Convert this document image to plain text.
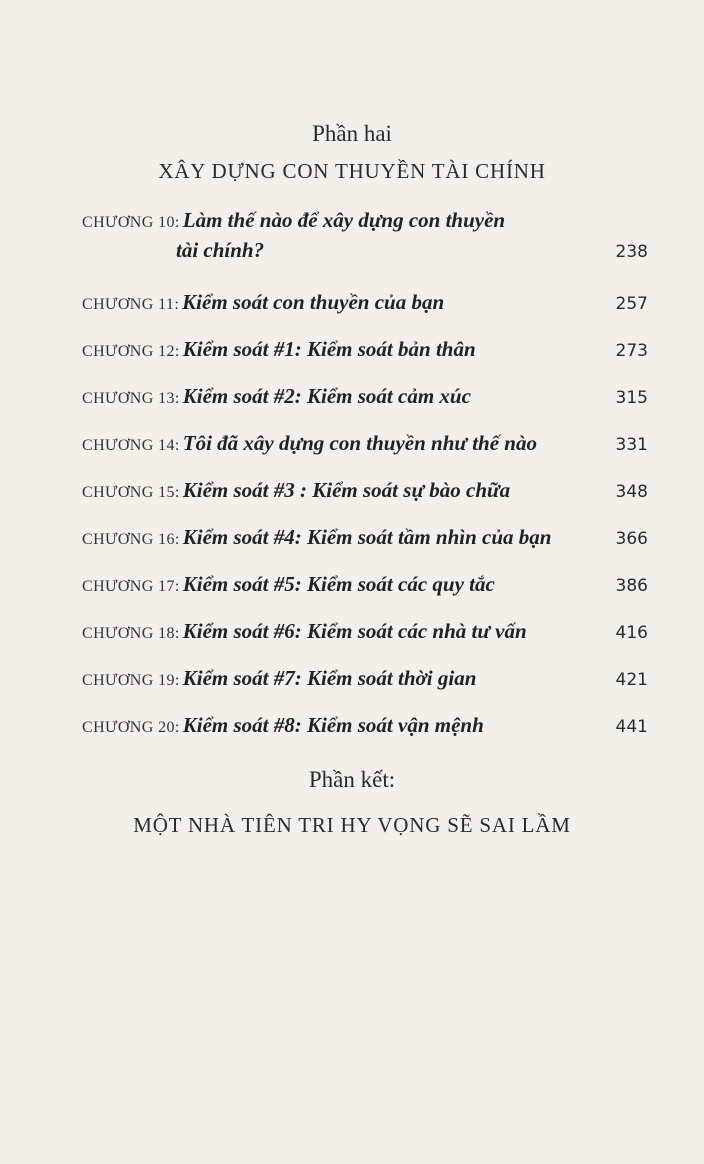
Phần hai
XÂY DỰNG CON THUYỀN TÀI CHÍNH
CHƯƠNG 10: Làm thế nào để xây dựng con thuyền
tài chính?	238
CHƯƠNG 11: Kiểm soát con thuyền của bạn	257
CHƯƠNG 12: Kiểm soát #1: Kiểm soát bản thân	273
CHƯƠNG 13: Kiểm soát #2: Kiểm soát cảm xúc	315
CHƯƠNG 14: Tôi đã xây dựng con thuyền như thế nào	331
CHƯƠNG 15: Kiểm soát #3 : Kiểm soát sự bào chữa	348
CHƯƠNG 16: Kiểm soát #4: Kiểm soát tầm nhìn của bạn	366
CHƯƠNG 17: Kiểm soát #5: Kiểm soát các quy tắc	386
CHƯƠNG 18: Kiểm soát #6: Kiểm soát các nhà tư vấn	416
CHƯƠNG 19: Kiểm soát #7: Kiểm soát thời gian	421
CHƯƠNG 20: Kiểm soát #8: Kiểm soát vận mệnh	441
Phần kết:
MỘT NHÀ TIÊN TRI HY VỌNG SẼ SAI LẦM
